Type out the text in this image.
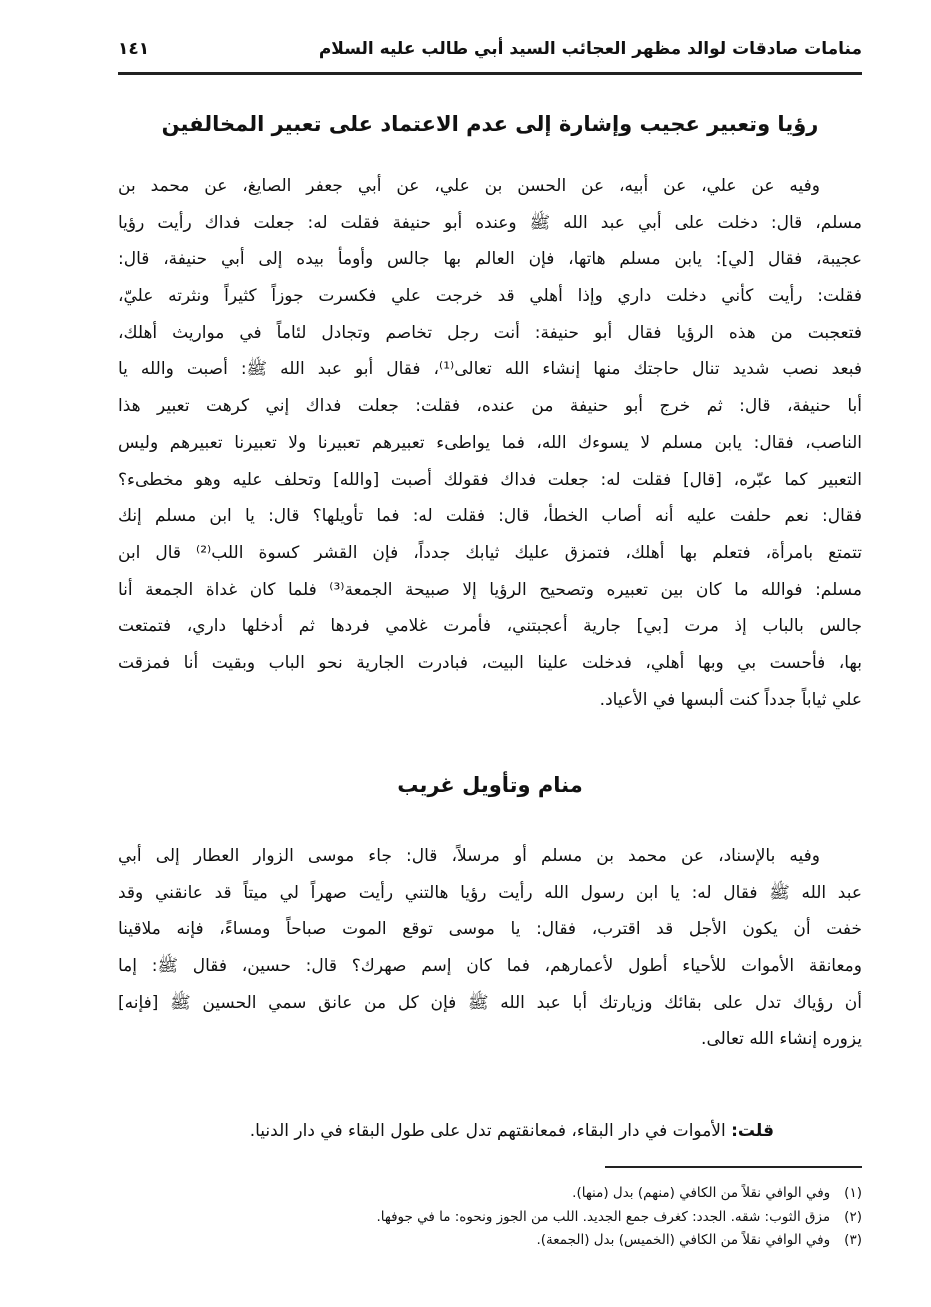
منامات صادقات لوالد مظهر العجائب السيد أبي طالب عليه السلام
١٤١
رؤيا وتعبير عجيب وإشارة إلى عدم الاعتماد على تعبير المخالفين
وفيه عن علي، عن أبيه، عن الحسن بن علي، عن أبي جعفر الصايغ، عن محمد بن
مسلم، قال: دخلت على أبي عبد الله ﷺ وعنده أبو حنيفة فقلت له: جعلت فداك رأيت رؤيا
عجيبة، فقال [لي]: يابن مسلم هاتها، فإن العالم بها جالس وأومأ بيده إلى أبي حنيفة، قال:
فقلت: رأيت كأني دخلت داري وإذا أهلي قد خرجت علي فكسرت جوزاً كثيراً ونثرته عليّ،
فتعجبت من هذه الرؤيا فقال أبو حنيفة: أنت رجل تخاصم وتجادل لئاماً في مواريث أهلك،
فبعد نصب شديد تنال حاجتك منها إنشاء الله تعالى⁽¹⁾، فقال أبو عبد الله ﷺ: أصبت والله يا
أبا حنيفة، قال: ثم خرج أبو حنيفة من عنده، فقلت: جعلت فداك إني كرهت تعبير هذا
الناصب، فقال: يابن مسلم لا يسوءك الله، فما يواطىء تعبيرهم تعبيرنا ولا تعبيرنا تعبيرهم وليس
التعبير كما عبّره، [قال] فقلت له: جعلت فداك فقولك أصبت [والله] وتحلف عليه وهو مخطىء؟
فقال: نعم حلفت عليه أنه أصاب الخطأ، قال: فقلت له: فما تأويلها؟ قال: يا ابن مسلم إنك
تتمتع بامرأة، فتعلم بها أهلك، فتمزق عليك ثيابك جدداً، فإن القشر كسوة اللب⁽²⁾ قال ابن
مسلم: فوالله ما كان بين تعبيره وتصحيح الرؤيا إلا صبيحة الجمعة⁽³⁾ فلما كان غداة الجمعة أنا
جالس بالباب إذ مرت [بي] جارية أعجبتني، فأمرت غلامي فردها ثم أدخلها داري، فتمتعت
بها، فأحست بي وبها أهلي، فدخلت علينا البيت، فبادرت الجارية نحو الباب وبقيت أنا فمزقت
علي ثياباً جدداً كنت ألبسها في الأعياد.
منام وتأويل غريب
وفيه بالإسناد، عن محمد بن مسلم أو مرسلاً، قال: جاء موسى الزوار العطار إلى أبي
عبد الله ﷺ فقال له: يا ابن رسول الله رأيت رؤيا هالتني رأيت صهراً لي ميتاً قد عانقني وقد
خفت أن يكون الأجل قد اقترب، فقال: يا موسى توقع الموت صباحاً ومساءً، فإنه ملاقينا
ومعانقة الأموات للأحياء أطول لأعمارهم، فما كان إسم صهرك؟ قال: حسين، فقال ﷺ: إما
أن رؤياك تدل على بقائك وزيارتك أبا عبد الله ﷺ فإن كل من عانق سمي الحسين ﷺ [فإنه]
يزوره إنشاء الله تعالى.
قلت: الأموات في دار البقاء، فمعانقتهم تدل على طول البقاء في دار الدنيا.
(١)
وفي الوافي نقلاً من الكافي (منهم) بدل (منها).
(٢)
مزق الثوب: شقه. الجدد: كغرف جمع الجديد. اللب من الجوز ونحوه: ما في جوفها.
(٣)
وفي الوافي نقلاً من الكافي (الخميس) بدل (الجمعة).
